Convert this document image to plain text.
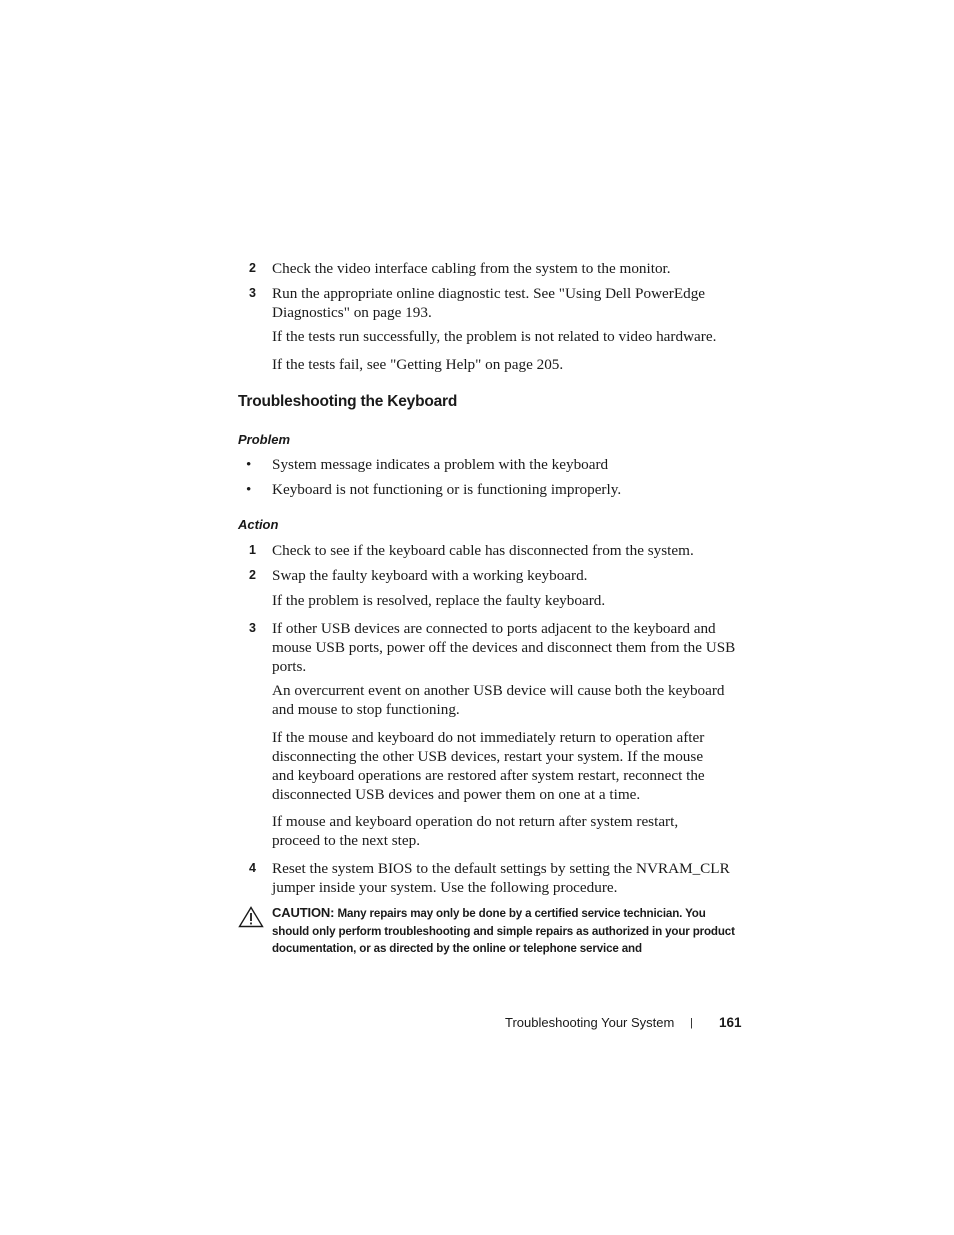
2 Check the video interface cabling from the system to the monitor.
3 Run the appropriate online diagnostic test. See "Using Dell PowerEdge Diagnostics" on page 193.
If the tests run successfully, the problem is not related to video hardware.
If the tests fail, see "Getting Help" on page 205.
Troubleshooting the Keyboard
Problem
• System message indicates a problem with the keyboard
• Keyboard is not functioning or is functioning improperly.
Action
1 Check to see if the keyboard cable has disconnected from the system.
2 Swap the faulty keyboard with a working keyboard.
If the problem is resolved, replace the faulty keyboard.
3 If other USB devices are connected to ports adjacent to the keyboard and mouse USB ports, power off the devices and disconnect them from the USB ports.
An overcurrent event on another USB device will cause both the keyboard and mouse to stop functioning.
If the mouse and keyboard do not immediately return to operation after disconnecting the other USB devices, restart your system. If the mouse and keyboard operations are restored after system restart, reconnect the disconnected USB devices and power them on one at a time.
If mouse and keyboard operation do not return after system restart, proceed to the next step.
4 Reset the system BIOS to the default settings by setting the NVRAM_CLR jumper inside your system. Use the following procedure.
CAUTION: Many repairs may only be done by a certified service technician. You should only perform troubleshooting and simple repairs as authorized in your product documentation, or as directed by the online or telephone service and
Troubleshooting Your System | 161
